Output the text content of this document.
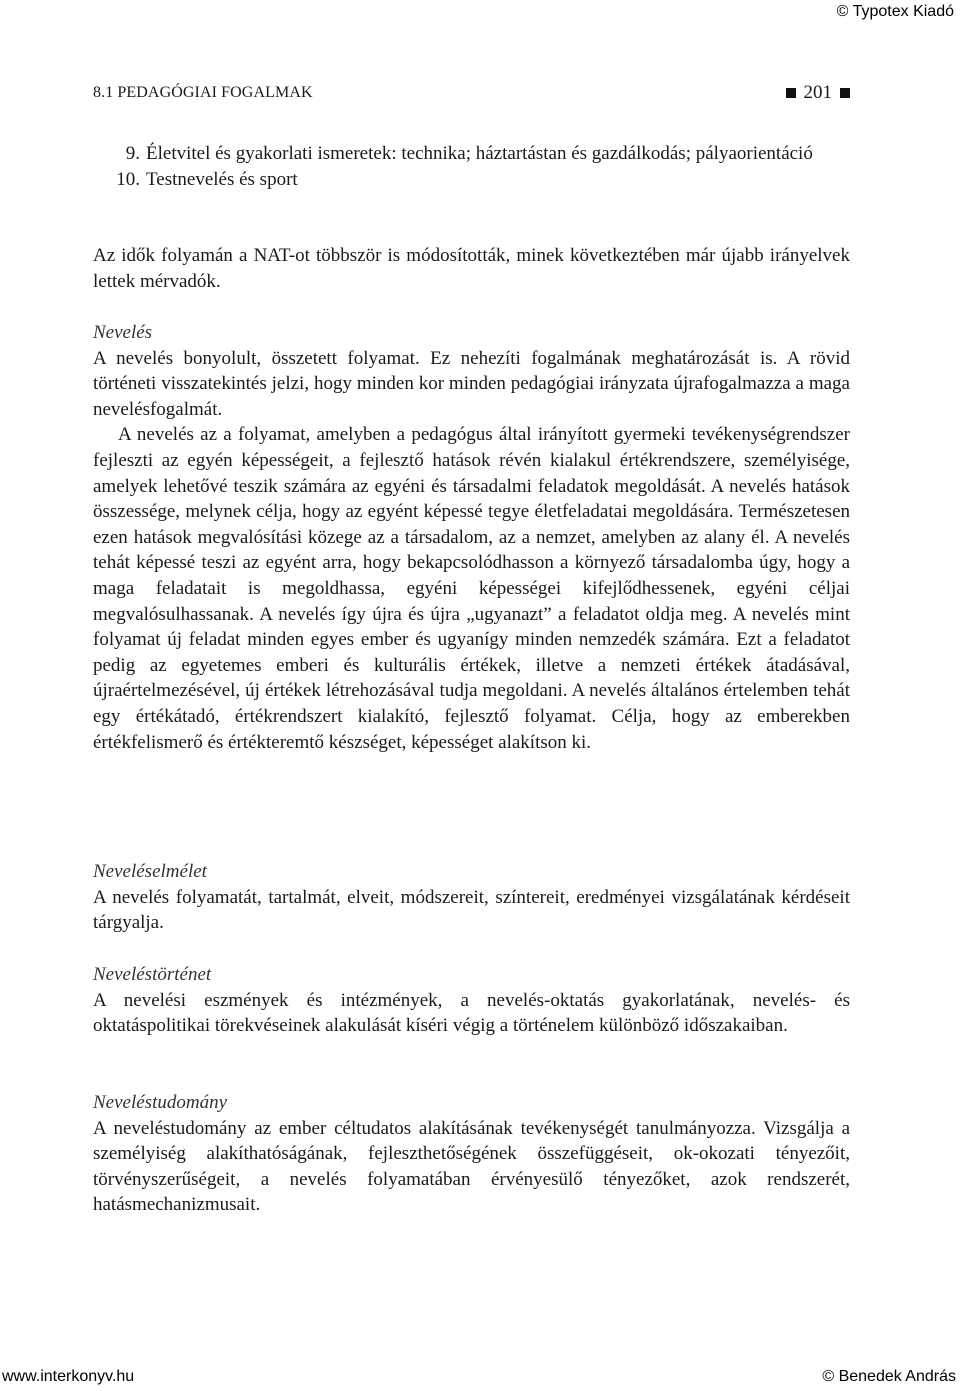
© Typotex Kiadó
8.1 PEDAGÓGIAI FOGALMAK	201
9. Életvitel és gyakorlati ismeretek: technika; háztartástan és gazdálkodás; pályaorientáció
10. Testnevelés és sport

Az idők folyamán a NAT-ot többször is módosították, minek következtében már újabb irányelvek lettek mérvadók.

Nevelés

A nevelés bonyolult, összetett folyamat. Ez nehezíti fogalmának meghatározását is. A rövid történeti visszatekintés jelzi, hogy minden kor minden pedagógiai irányzata újrafogalmazza a maga nevelésfogalmát.

A nevelés az a folyamat, amelyben a pedagógus által irányított gyermeki tevékenységrendszer fejleszti az egyén képességeit, a fejlesztő hatások révén kialakul értékrendszere, személyisége, amelyek lehetővé teszik számára az egyéni és társadalmi feladatok megoldását. A nevelés hatások összessége, melynek célja, hogy az egyént képessé tegye életfeladatai megoldására. Természetesen ezen hatások megvalósítási közege az a társadalom, az a nemzet, amelyben az alany él. A nevelés tehát képessé teszi az egyént arra, hogy bekapcsolódhasson a környező társadalomba úgy, hogy a maga feladatait is megoldhassa, egyéni képességei kifejlődhessenek, egyéni céljai megvalósulhassanak. A nevelés így újra és újra „ugyanazt” a feladatot oldja meg. A nevelés mint folyamat új feladat minden egyes ember és ugyanígy minden nemzedék számára. Ezt a feladatot pedig az egyetemes emberi és kulturális értékek, illetve a nemzeti értékek átadásával, újraértelmezésével, új értékek létrehozásával tudja megoldani. A nevelés általános értelemben tehát egy értékátadó, értékrendszert kialakító, fejlesztő folyamat. Célja, hogy az emberekben értékfelismerő és értékteremtő készséget, képességet alakítson ki.

Neveléselmélet

A nevelés folyamatát, tartalmát, elveit, módszereit, színtereit, eredményei vizsgálatának kérdéseit tárgyalja.

Neveléstörténet

A nevelési eszmények és intézmények, a nevelés-oktatás gyakorlatának, nevelés- és oktatáspolitikai törekvéseinek alakulását kíséri végig a történelem különböző időszakaiban.

Neveléstudomány

A neveléstudomány az ember céltudatos alakításának tevékenységét tanulmányozza. Vizsgálja a személyiség alakíthatóságának, fejleszthetőségének összefüggéseit, ok-okozati tényezőit, törvényszerűségeit, a nevelés folyamatában érvényesülő tényezőket, azok rendszerét, hatásmechanizmusait.

www.interkonyv.hu	© Benedek András
